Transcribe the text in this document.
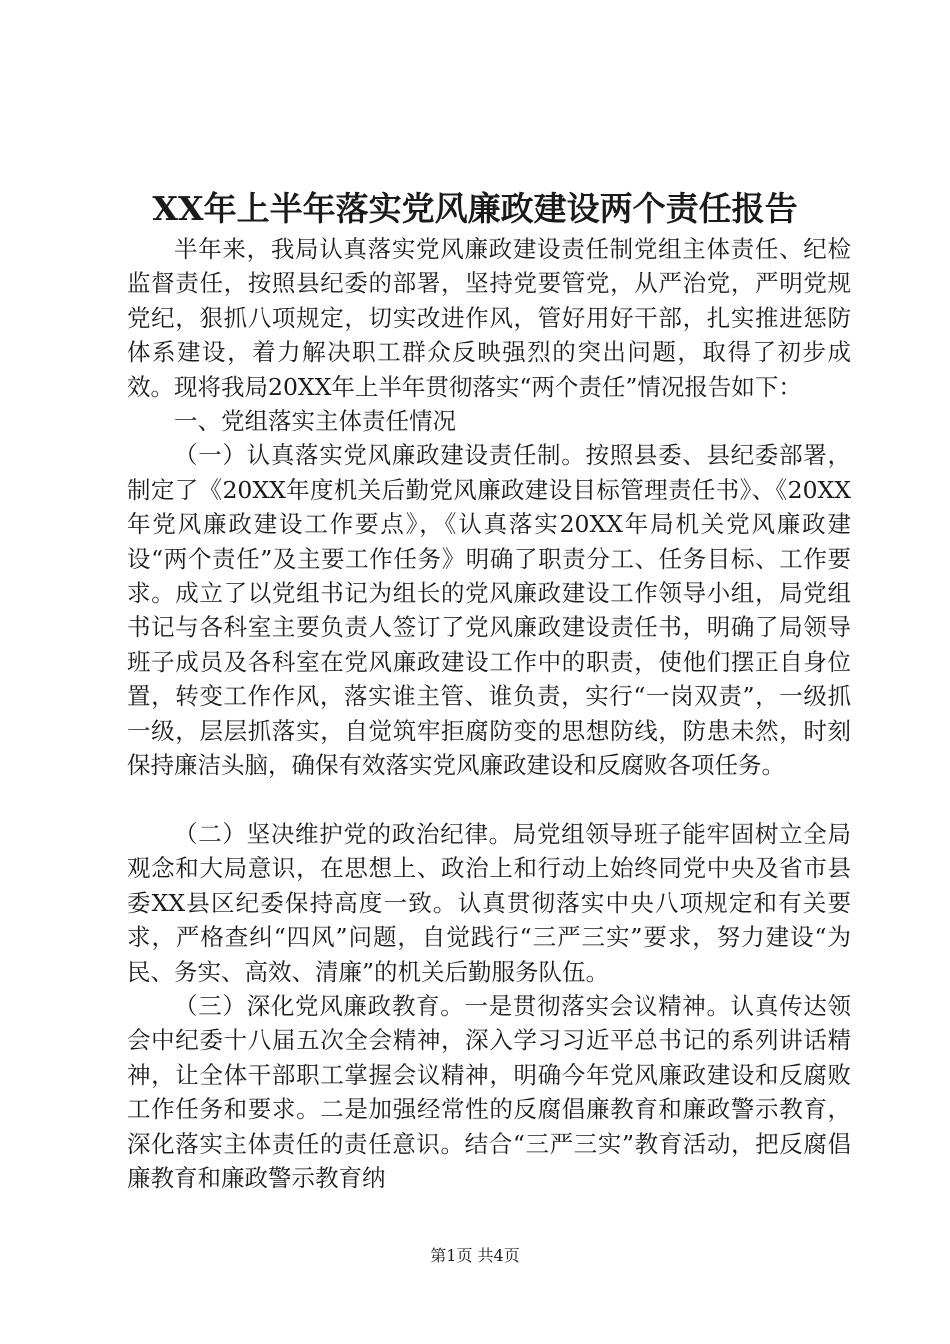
XX年上半年落实党风廉政建设两个责任报告

半年来，我局认真落实党风廉政建设责任制党组主体责任、纪检监督责任，按照县纪委的部署，坚持党要管党，从严治党，严明党规党纪，狠抓八项规定，切实改进作风，管好用好干部，扎实推进惩防体系建设，着力解决职工群众反映强烈的突出问题，取得了初步成效。现将我局20XX年上半年贯彻落实“两个责任”情况报告如下：

一、党组落实主体责任情况

（一）认真落实党风廉政建设责任制。按照县委、县纪委部署，制定了《20XX年度机关后勤党风廉政建设目标管理责任书》、《20XX年党风廉政建设工作要点》，《认真落实20XX年局机关党风廉政建设“两个责任”及主要工作任务》明确了职责分工、任务目标、工作要求。成立了以党组书记为组长的党风廉政建设工作领导小组，局党组书记与各科室主要负责人签订了党风廉政建设责任书，明确了局领导班子成员及各科室在党风廉政建设工作中的职责，使他们摆正自身位置，转变工作作风，落实谁主管、谁负责，实行“一岗双责”，一级抓一级，层层抓落实，自觉筑牢拒腐防变的思想防线，防患未然，时刻保持廉洁头脑，确保有效落实党风廉政建设和反腐败各项任务。

（二）坚决维护党的政治纪律。局党组领导班子能牢固树立全局观念和大局意识，在思想上、政治上和行动上始终同党中央及省市县委XX县区纪委保持高度一致。认真贯彻落实中央八项规定和有关要求，严格查纠“四风”问题，自觉践行“三严三实”要求，努力建设“为民、务实、高效、清廉”的机关后勤服务队伍。

（三）深化党风廉政教育。一是贯彻落实会议精神。认真传达领会中纪委十八届五次全会精神，深入学习习近平总书记的系列讲话精神，让全体干部职工掌握会议精神，明确今年党风廉政建设和反腐败工作任务和要求。二是加强经常性的反腐倡廉教育和廉政警示教育，深化落实主体责任的责任意识。结合“三严三实”教育活动，把反腐倡廉教育和廉政警示教育纳

第1页 共4页
